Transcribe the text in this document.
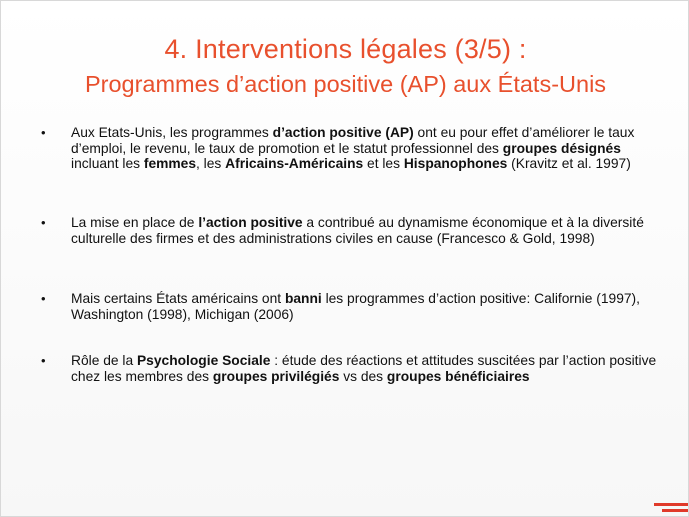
4. Interventions légales (3/5) :
Programmes d’action positive (AP) aux États-Unis
•	Aux Etats-Unis, les programmes d’action positive (AP) ont eu pour effet d’améliorer le taux d’emploi, le revenu, le taux de promotion et le statut professionnel des groupes désignés incluant les femmes, les Africains-Américains et les Hispanophones (Kravitz et al. 1997)
•	La mise en place de l’action positive a contribué au dynamisme économique et à la diversité culturelle des firmes et des administrations civiles en cause (Francesco & Gold, 1998)
•	Mais certains États américains ont banni les programmes d’action positive: Californie (1997), Washington (1998), Michigan (2006)
•	Rôle de la Psychologie Sociale : étude des réactions et attitudes suscitées par l’action positive chez les membres des groupes privilégiés vs des groupes bénéficiaires
